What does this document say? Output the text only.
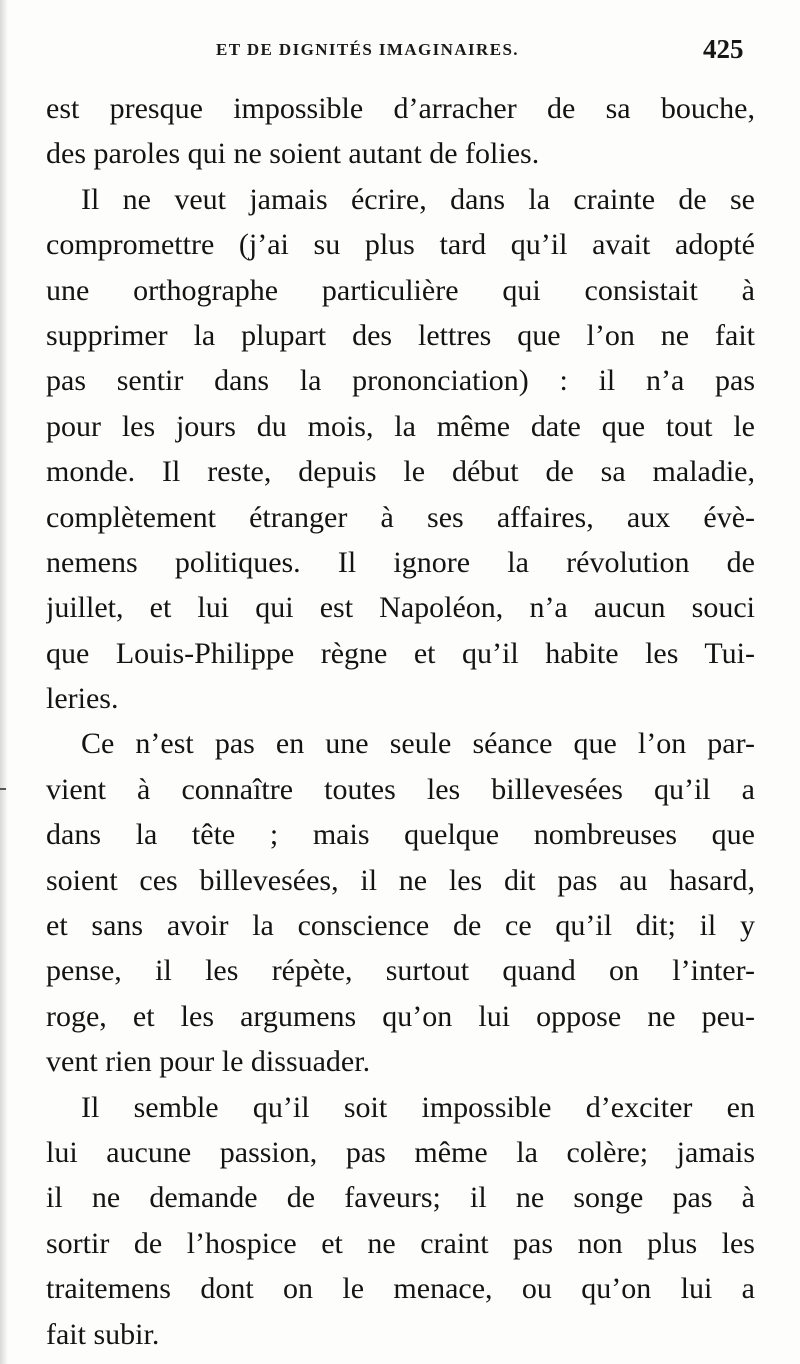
ET DE DIGNITÉS IMAGINAIRES.	425
est presque impossible d’arracher de sa bouche,
des paroles qui ne soient autant de folies.
Il ne veut jamais écrire, dans la crainte de se
compromettre (j’ai su plus tard qu’il avait adopté
une orthographe particulière qui consistait à
supprimer la plupart des lettres que l’on ne fait
pas sentir dans la prononciation) : il n’a pas
pour les jours du mois, la même date que tout le
monde. Il reste, depuis le début de sa maladie,
complètement étranger à ses affaires, aux évè-
nemens politiques. Il ignore la révolution de
juillet, et lui qui est Napoléon, n’a aucun souci
que Louis-Philippe règne et qu’il habite les Tui-
leries.
Ce n’est pas en une seule séance que l’on par-
vient à connaître toutes les billevesées qu’il a
dans la tête ; mais quelque nombreuses que
soient ces billevesées, il ne les dit pas au hasard,
et sans avoir la conscience de ce qu’il dit; il y
pense, il les répète, surtout quand on l’inter-
roge, et les argumens qu’on lui oppose ne peu-
vent rien pour le dissuader.
Il semble qu’il soit impossible d’exciter en
lui aucune passion, pas même la colère; jamais
il ne demande de faveurs; il ne songe pas à
sortir de l’hospice et ne craint pas non plus les
traitemens dont on le menace, ou qu’on lui a
fait subir.
